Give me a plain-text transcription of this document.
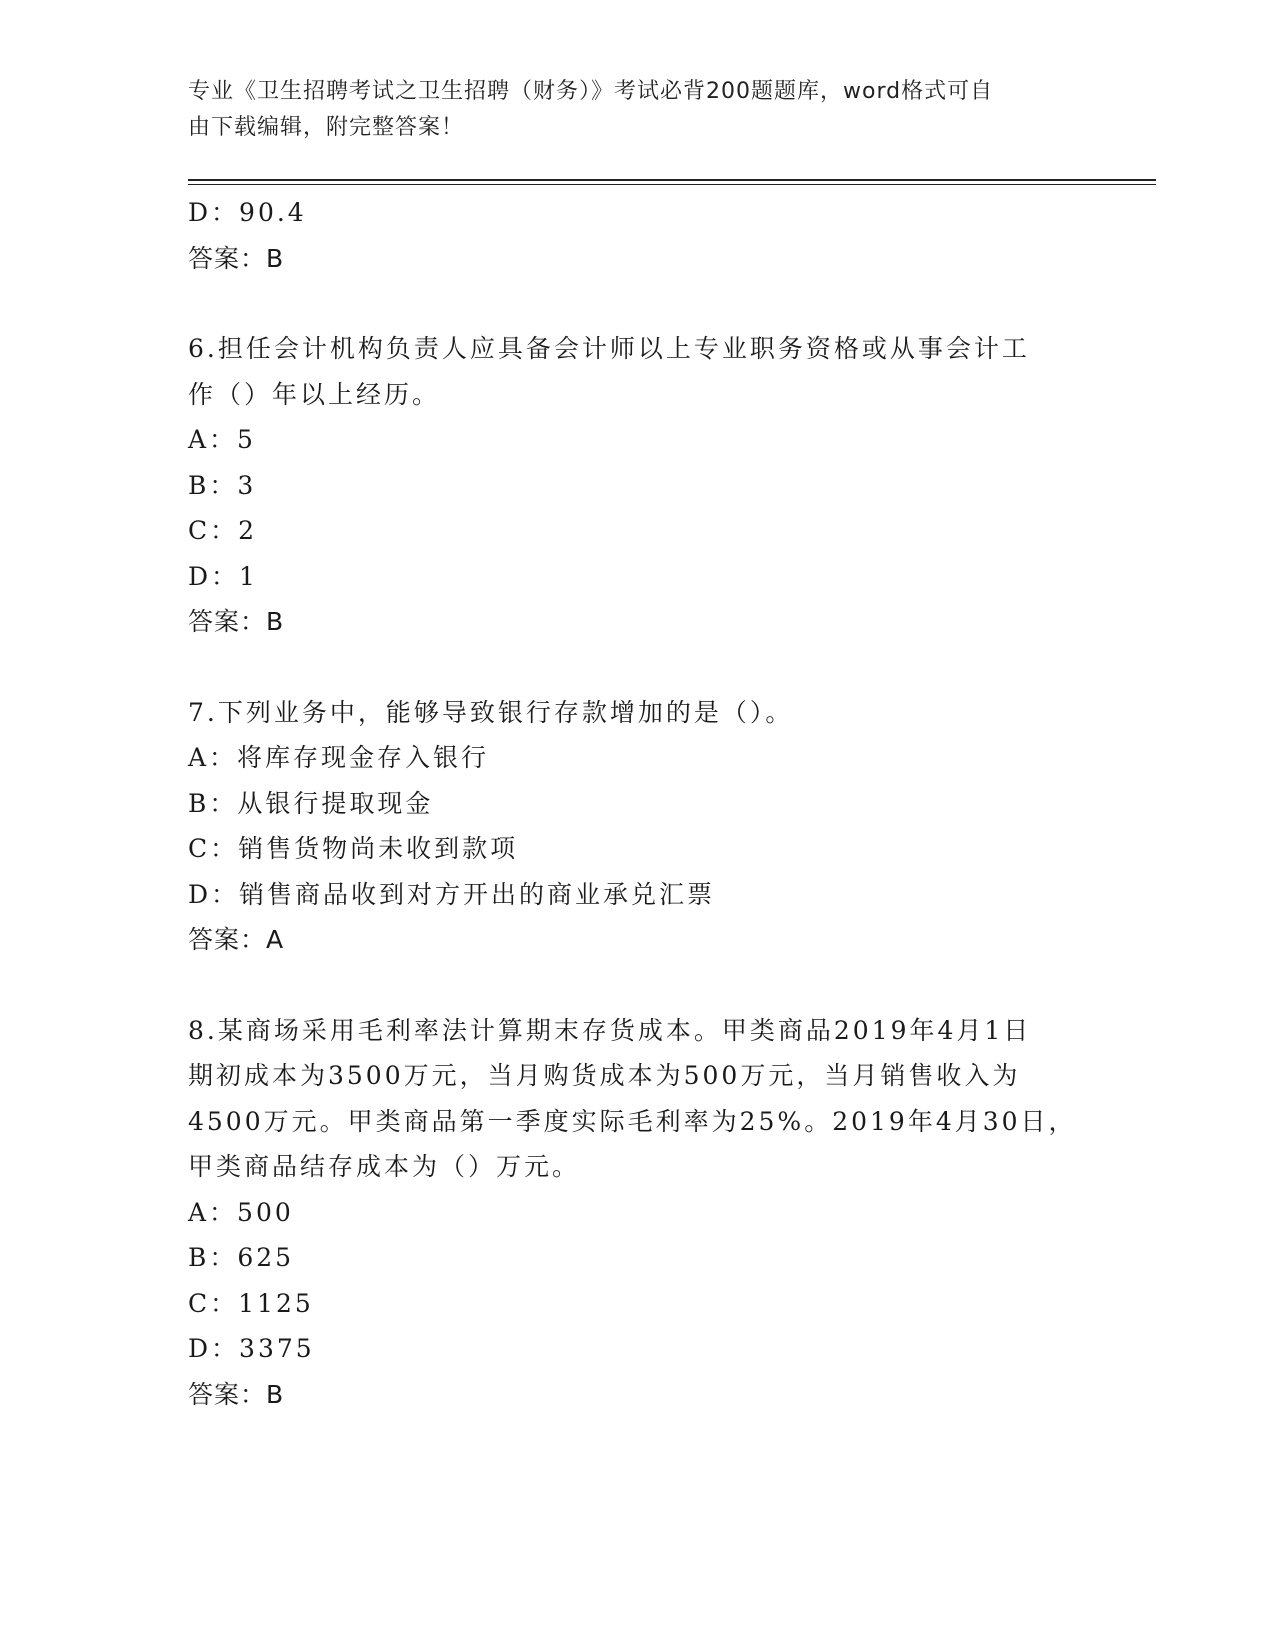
专业《卫生招聘考试之卫生招聘（财务）》考试必背200题题库，word格式可自
由下载编辑，附完整答案！
D：90.4
答案：B
6.担任会计机构负责人应具备会计师以上专业职务资格或从事会计工
作（）年以上经历。
A：5
B：3
C：2
D：1
答案：B
7.下列业务中，能够导致银行存款增加的是（）。
A：将库存现金存入银行
B：从银行提取现金
C：销售货物尚未收到款项
D：销售商品收到对方开出的商业承兑汇票
答案：A
8.某商场采用毛利率法计算期末存货成本。甲类商品2019年4月1日
期初成本为3500万元，当月购货成本为500万元，当月销售收入为
4500万元。甲类商品第一季度实际毛利率为25%。2019年4月30日，
甲类商品结存成本为（）万元。
A：500
B：625
C：1125
D：3375
答案：B
